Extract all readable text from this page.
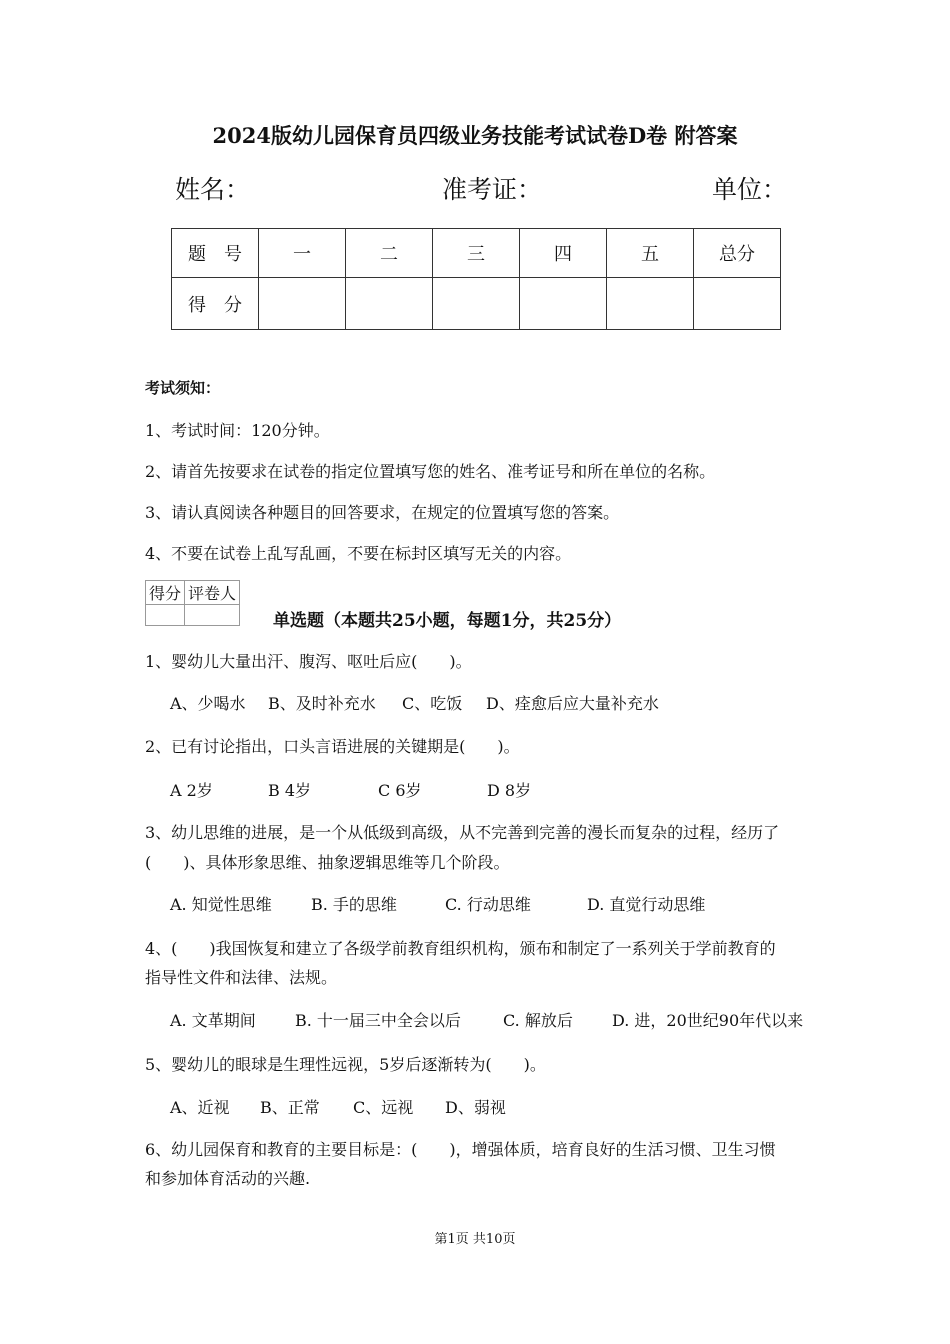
2024版幼儿园保育员四级业务技能考试试卷D卷 附答案
姓名：	准考证：	单位：
题　号	一	二	三	四	五	总分
得　分						
考试须知：
1、考试时间：120分钟。
2、请首先按要求在试卷的指定位置填写您的姓名、准考证号和所在单位的名称。
3、请认真阅读各种题目的回答要求，在规定的位置填写您的答案。
4、不要在试卷上乱写乱画，不要在标封区填写无关的内容。
得分	评卷人

单选题（本题共25小题，每题1分，共25分）
1、婴幼儿大量出汗、腹泻、呕吐后应(　　)。
A、少喝水 B、及时补充水 C、吃饭 D、痊愈后应大量补充水
2、已有讨论指出，口头言语进展的关键期是(　　)。
A 2岁	B 4岁	C 6岁	D 8岁
3、幼儿思维的进展，是一个从低级到高级，从不完善到完善的漫长而复杂的过程，经历了
(　　)、具体形象思维、抽象逻辑思维等几个阶段。
A. 知觉性思维 B. 手的思维	C. 行动思维	D. 直觉行动思维
4、(　　)我国恢复和建立了各级学前教育组织机构，颁布和制定了一系列关于学前教育的
指导性文件和法律、法规。
A. 文革期间 B. 十一届三中全会以后	C. 解放后 D. 进，20世纪90年代以来
5、婴幼儿的眼球是生理性远视，5岁后逐渐转为(　　)。
A、近视 B、正常 C、远视 D、弱视
6、幼儿园保育和教育的主要目标是：(　　)，增强体质，培育良好的生活习惯、卫生习惯
和参加体育活动的兴趣.
第1页 共10页
